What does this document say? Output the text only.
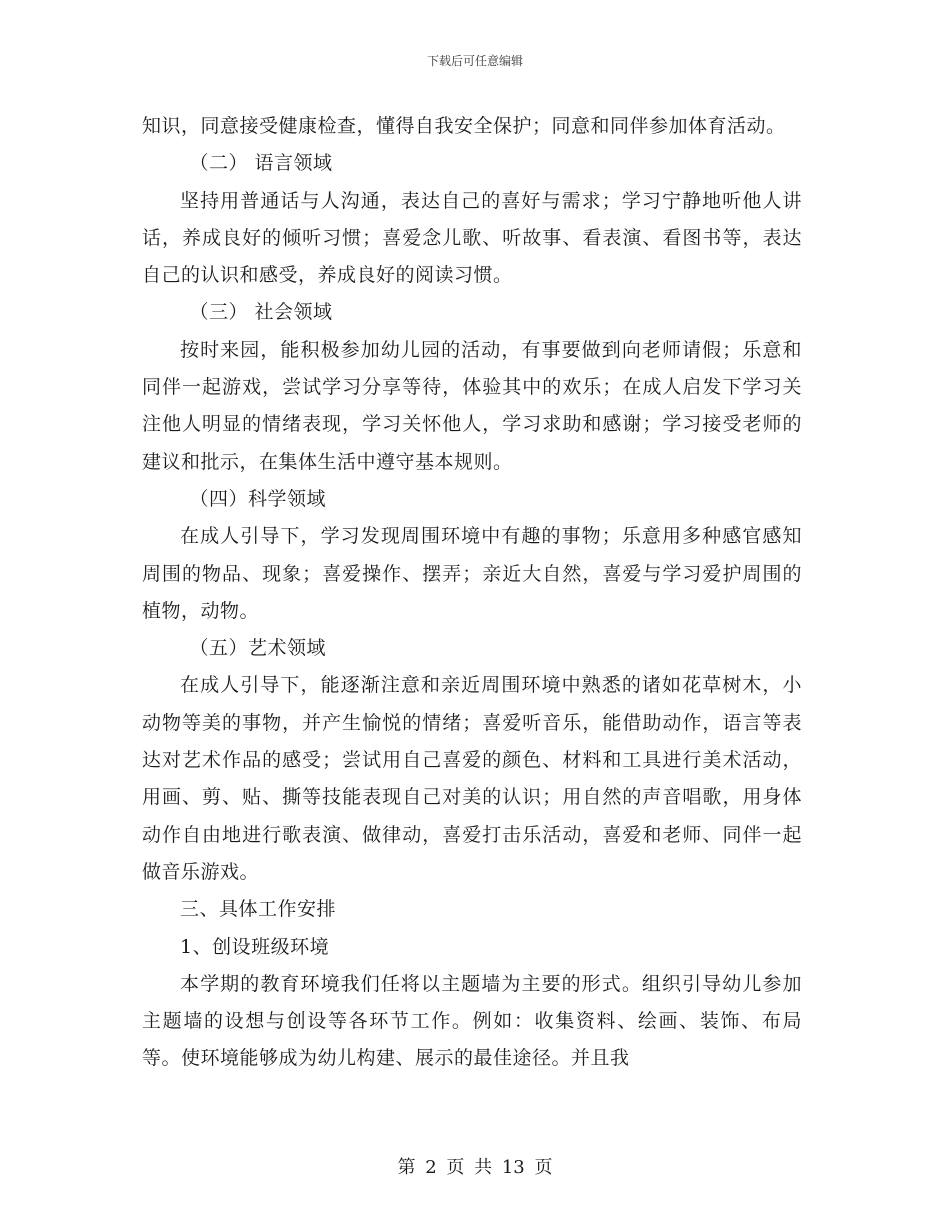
下载后可任意编辑

知识，同意接受健康检查，懂得自我安全保护；同意和同伴参加体育活动。

（二） 语言领域

坚持用普通话与人沟通，表达自己的喜好与需求；学习宁静地听他人讲话，养成良好的倾听习惯；喜爱念儿歌、听故事、看表演、看图书等，表达自己的认识和感受，养成良好的阅读习惯。

（三） 社会领域

按时来园，能积极参加幼儿园的活动，有事要做到向老师请假；乐意和同伴一起游戏，尝试学习分享等待，体验其中的欢乐；在成人启发下学习关注他人明显的情绪表现，学习关怀他人，学习求助和感谢；学习接受老师的建议和批示，在集体生活中遵守基本规则。

（四）科学领域

在成人引导下，学习发现周围环境中有趣的事物；乐意用多种感官感知周围的物品、现象；喜爱操作、摆弄；亲近大自然，喜爱与学习爱护周围的植物，动物。

（五）艺术领域

在成人引导下，能逐渐注意和亲近周围环境中熟悉的诸如花草树木，小动物等美的事物，并产生愉悦的情绪；喜爱听音乐，能借助动作，语言等表达对艺术作品的感受；尝试用自己喜爱的颜色、材料和工具进行美术活动，用画、剪、贴、撕等技能表现自己对美的认识；用自然的声音唱歌，用身体动作自由地进行歌表演、做律动，喜爱打击乐活动，喜爱和老师、同伴一起做音乐游戏。

三、具体工作安排

1、创设班级环境

本学期的教育环境我们任将以主题墙为主要的形式。组织引导幼儿参加主题墙的设想与创设等各环节工作。例如：收集资料、绘画、装饰、布局等。使环境能够成为幼儿构建、展示的最佳途径。并且我

第 2 页 共 13 页
